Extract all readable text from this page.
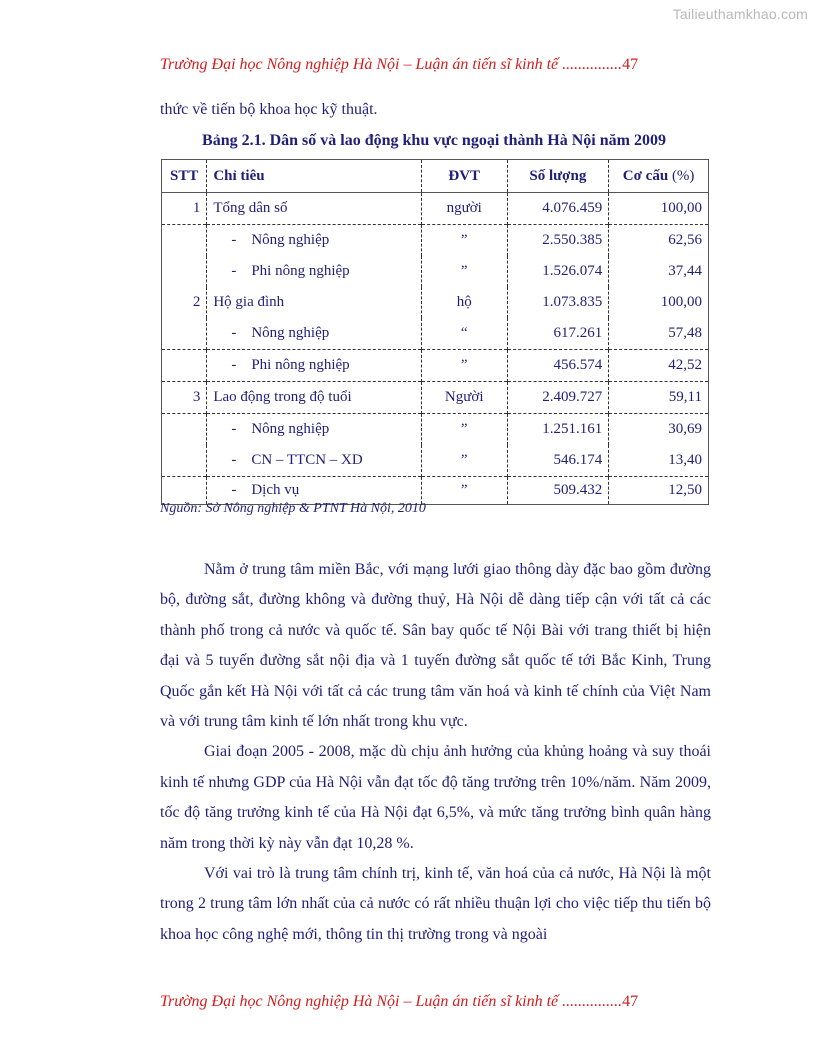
Tailieuthamkhao.com
Trường Đại học Nông nghiệp Hà Nội – Luận án tiến sĩ kinh tế ...............47
thức về tiến bộ khoa học kỹ thuật.
Bảng 2.1. Dân số và lao động khu vực ngoại thành Hà Nội năm 2009
STT	Chỉ tiêu	ĐVT	Số lượng	Cơ cấu (%)
1	Tổng dân số	người	4.076.459	100,00
	- Nông nghiệp	”	2.550.385	62,56
	- Phi nông nghiệp	”	1.526.074	37,44
2	Hộ gia đình	hộ	1.073.835	100,00
	- Nông nghiệp	“	617.261	57,48
	- Phi nông nghiệp	”	456.574	42,52
3	Lao động trong độ tuổi	Người	2.409.727	59,11
	- Nông nghiệp	”	1.251.161	30,69
	- CN – TTCN – XD	”	546.174	13,40
	- Dịch vụ	”	509.432	12,50
Nguồn: Sở Nông nghiệp & PTNT Hà Nội, 2010

Nằm ở trung tâm miền Bắc, với mạng lưới giao thông dày đặc bao gồm đường bộ, đường sắt, đường không và đường thuỷ, Hà Nội dễ dàng tiếp cận với tất cả các thành phố trong cả nước và quốc tế. Sân bay quốc tế Nội Bài với trang thiết bị hiện đại và 5 tuyến đường sắt nội địa và 1 tuyến đường sắt quốc tế tới Bắc Kinh, Trung Quốc gắn kết Hà Nội với tất cả các trung tâm văn hoá và kinh tế chính của Việt Nam và với trung tâm kinh tế lớn nhất trong khu vực.

Giai đoạn 2005 - 2008, mặc dù chịu ảnh hưởng của khủng hoảng và suy thoái kinh tế nhưng GDP của Hà Nội vẫn đạt tốc độ tăng trưởng trên 10%/năm. Năm 2009, tốc độ tăng trưởng kinh tế của Hà Nội đạt 6,5%, và mức tăng trưởng bình quân hàng năm trong thời kỳ này vẫn đạt 10,28 %.

Với vai trò là trung tâm chính trị, kinh tế, văn hoá của cả nước, Hà Nội là một trong 2 trung tâm lớn nhất của cả nước có rất nhiều thuận lợi cho việc tiếp thu tiến bộ khoa học công nghệ mới, thông tin thị trường trong và ngoài

Trường Đại học Nông nghiệp Hà Nội – Luận án tiến sĩ kinh tế ...............47
